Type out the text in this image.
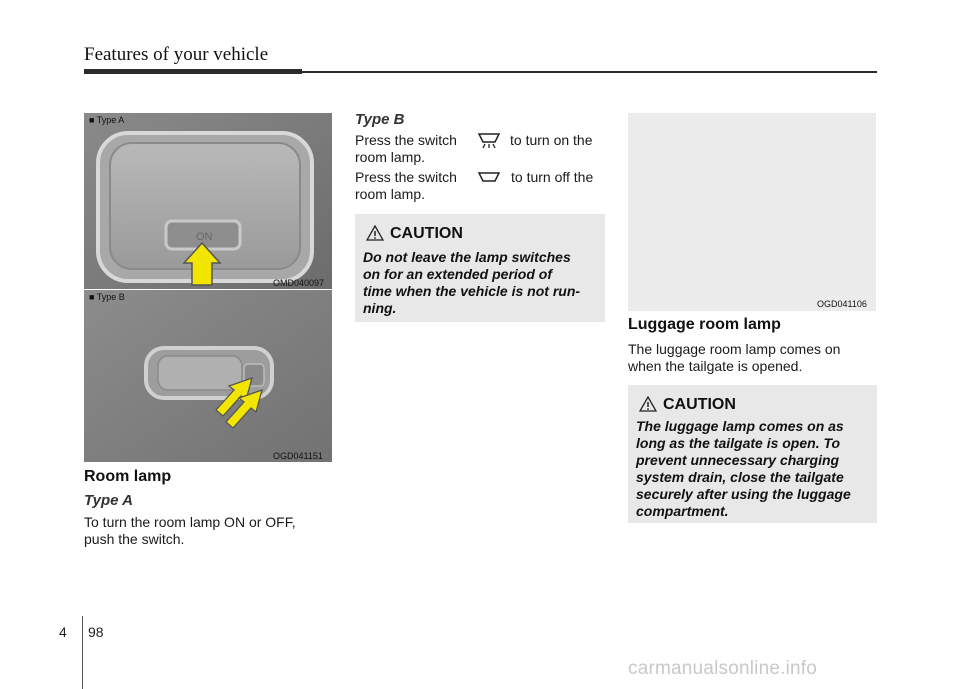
Features of your vehicle
ON
■ Type A
OMD040097
■ Type B
OGD041151
Room lamp
Type A
To turn the room lamp ON or OFF,
push the switch.
Type B
Press the switch	to turn on the
room lamp.
Press the switch	to turn off the
room lamp.
CAUTION
Do not leave the lamp switches
on for an extended period of
time when the vehicle is not run-
ning.	OGD041106
Luggage room lamp
The luggage room lamp comes on
when the tailgate is opened.
CAUTION
The luggage lamp comes on as
long as the tailgate is open. To
prevent unnecessary charging
system drain, close the tailgate
securely after using the luggage
compartment.
4 98
carmanualsonline.info
